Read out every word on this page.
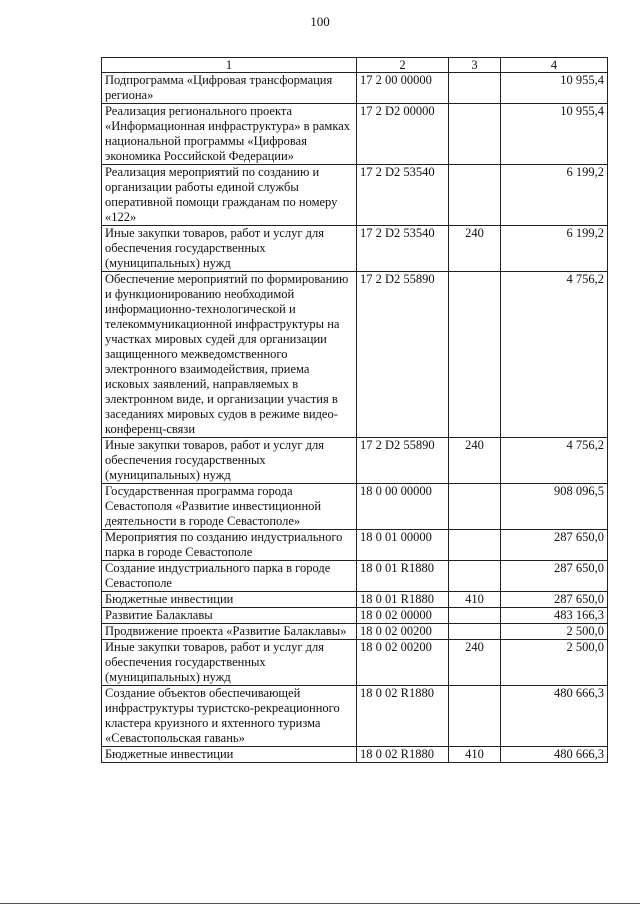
100
1	2	3	4
Подпрограмма «Цифровая трансформация региона»	17 2 00 00000		10 955,4
Реализация регионального проекта «Информационная инфраструктура» в рамках национальной программы «Цифровая экономика Российской Федерации»	17 2 D2 00000		10 955,4
Реализация мероприятий по созданию и организации работы единой службы оперативной помощи гражданам по номеру «122»	17 2 D2 53540		6 199,2
Иные закупки товаров, работ и услуг для обеспечения государственных (муниципальных) нужд	17 2 D2 53540	240	6 199,2
Обеспечение мероприятий по формированию и функционированию необходимой информационно-технологической и телекоммуникационной инфраструктуры на участках мировых судей для организации защищенного межведомственного электронного взаимодействия, приема исковых заявлений, направляемых в электронном виде, и организации участия в заседаниях мировых судов в режиме видео-конференц-связи	17 2 D2 55890		4 756,2
Иные закупки товаров, работ и услуг для обеспечения государственных (муниципальных) нужд	17 2 D2 55890	240	4 756,2
Государственная программа города Севастополя «Развитие инвестиционной деятельности в городе Севастополе»	18 0 00 00000		908 096,5
Мероприятия по созданию индустриального парка в городе Севастополе	18 0 01 00000		287 650,0
Создание индустриального парка в городе Севастополе	18 0 01 R1880		287 650,0
Бюджетные инвестиции	18 0 01 R1880	410	287 650,0
Развитие Балаклавы	18 0 02 00000		483 166,3
Продвижение проекта «Развитие Балаклавы»	18 0 02 00200		2 500,0
Иные закупки товаров, работ и услуг для обеспечения государственных (муниципальных) нужд	18 0 02 00200	240	2 500,0
Создание объектов обеспечивающей инфраструктуры туристско-рекреационного кластера круизного и яхтенного туризма «Севастопольская гавань»	18 0 02 R1880		480 666,3
Бюджетные инвестиции	18 0 02 R1880	410	480 666,3
